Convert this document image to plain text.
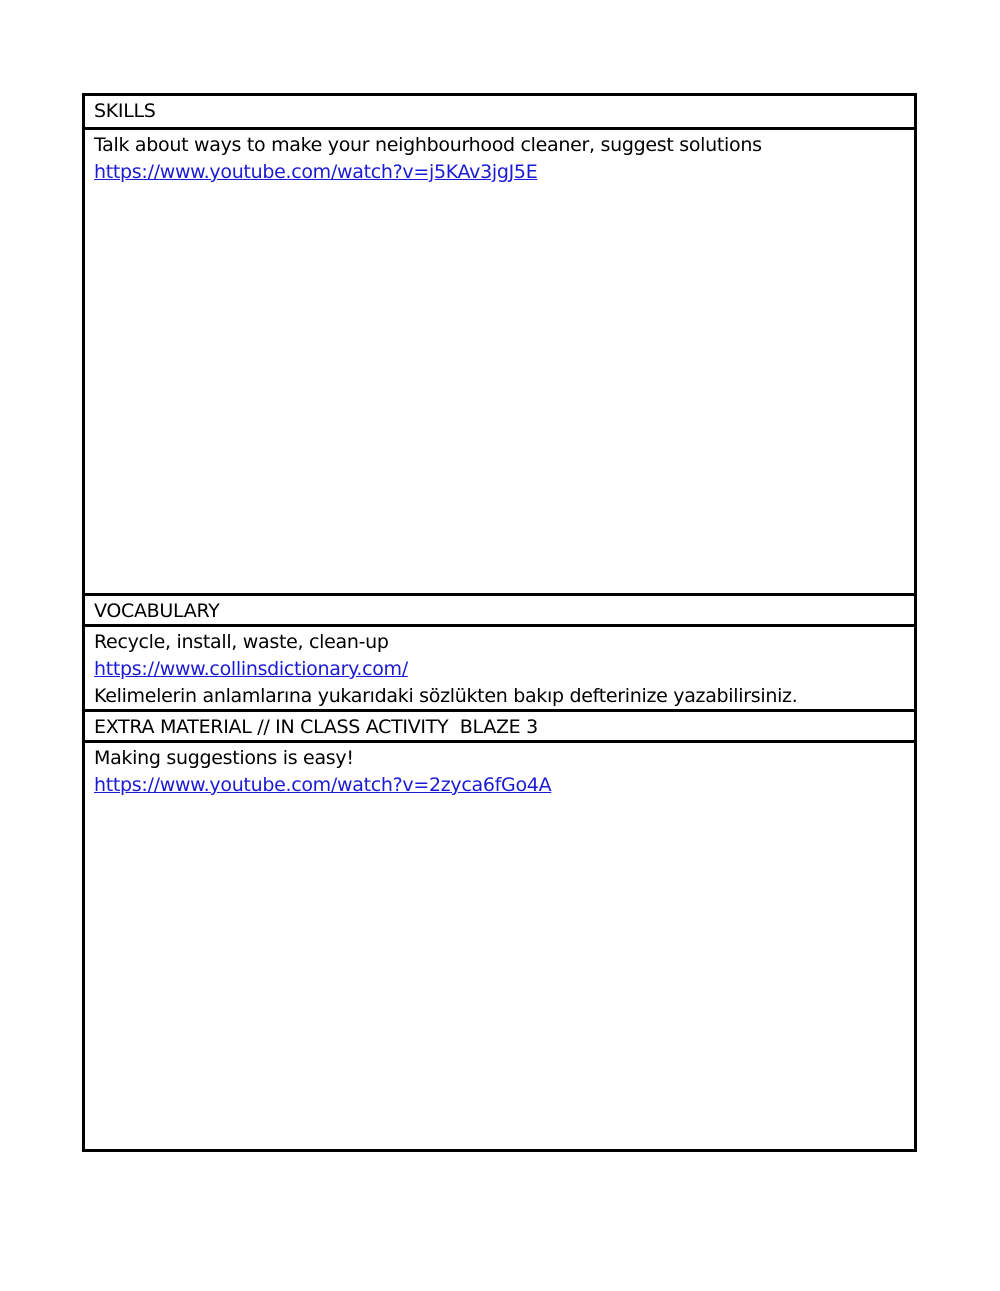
SKILLS
Talk about ways to make your neighbourhood cleaner, suggest solutions
https://www.youtube.com/watch?v=j5KAv3jgJ5E
VOCABULARY
Recycle, install, waste, clean-up
https://www.collinsdictionary.com/
Kelimelerin anlamlarına yukarıdaki sözlükten bakıp defterinize yazabilirsiniz.
EXTRA MATERIAL // IN CLASS ACTIVITY  BLAZE 3
Making suggestions is easy!
https://www.youtube.com/watch?v=2zyca6fGo4A
